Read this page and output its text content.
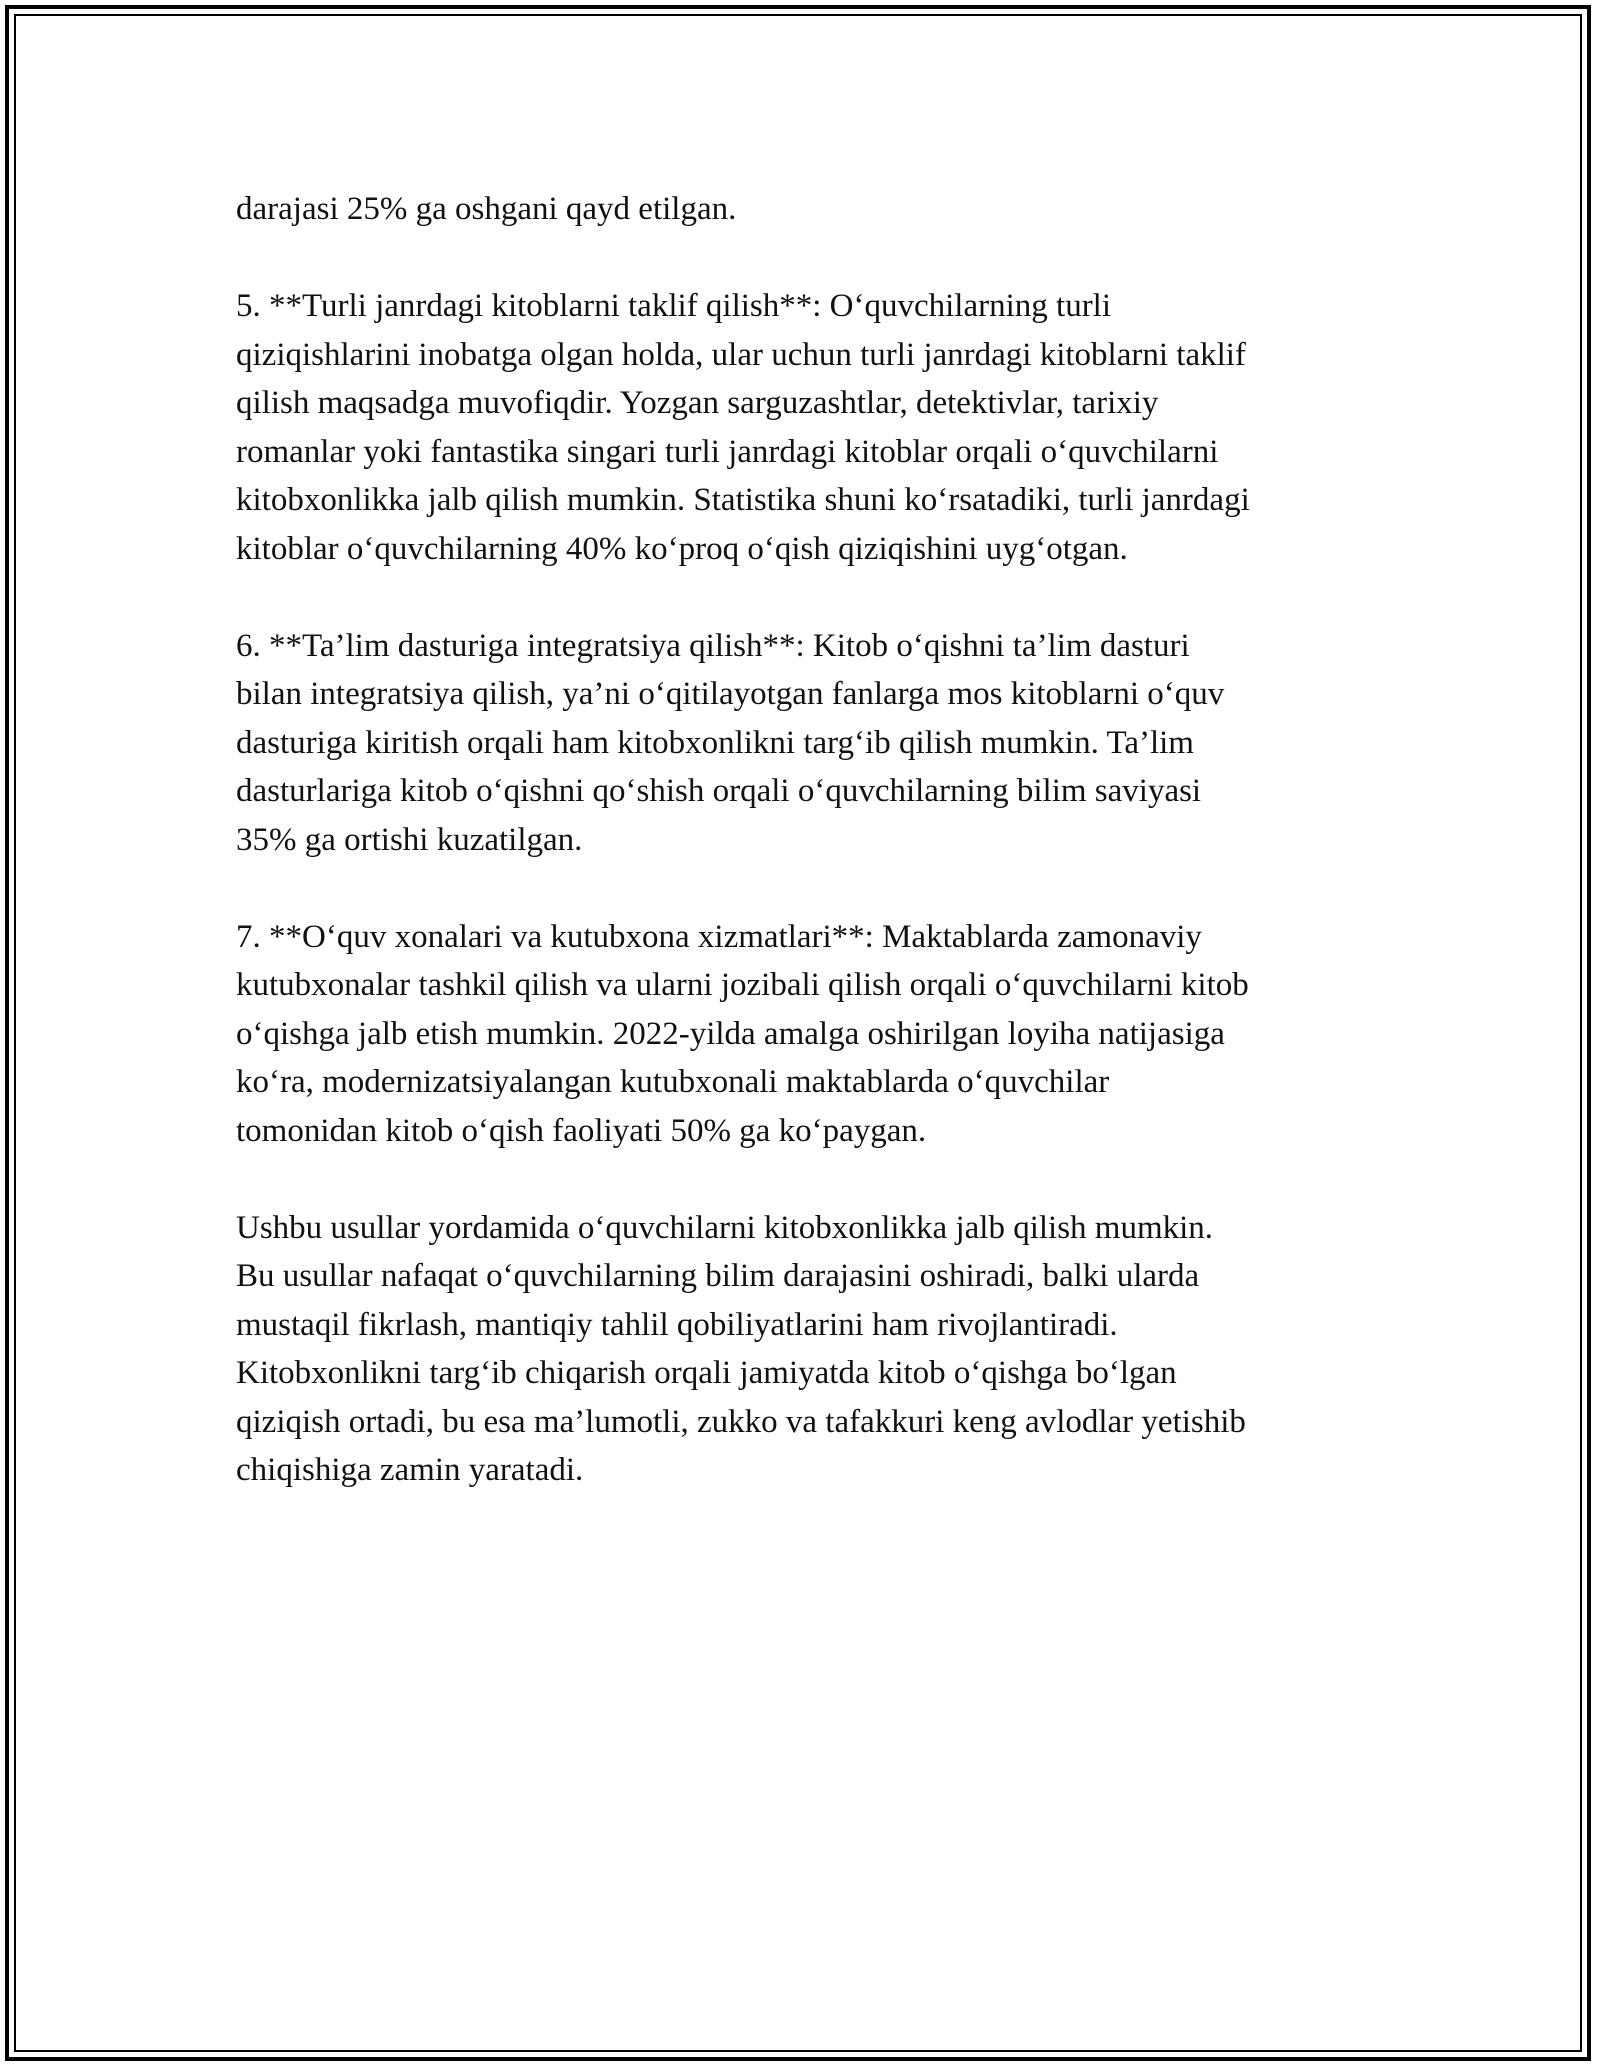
darajasi 25% ga oshgani qayd etilgan.

5. **Turli janrdagi kitoblarni taklif qilish**: O‘quvchilarning turli
qiziqishlarini inobatga olgan holda, ular uchun turli janrdagi kitoblarni taklif
qilish maqsadga muvofiqdir. Yozgan sarguzashtlar, detektivlar, tarixiy
romanlar yoki fantastika singari turli janrdagi kitoblar orqali o‘quvchilarni
kitobxonlikka jalb qilish mumkin. Statistika shuni ko‘rsatadiki, turli janrdagi
kitoblar o‘quvchilarning 40% ko‘proq o‘qish qiziqishini uyg‘otgan.

6. **Ta’lim dasturiga integratsiya qilish**: Kitob o‘qishni ta’lim dasturi
bilan integratsiya qilish, ya’ni o‘qitilayotgan fanlarga mos kitoblarni o‘quv
dasturiga kiritish orqali ham kitobxonlikni targ‘ib qilish mumkin. Ta’lim
dasturlariga kitob o‘qishni qo‘shish orqali o‘quvchilarning bilim saviyasi
35% ga ortishi kuzatilgan.

7. **O‘quv xonalari va kutubxona xizmatlari**: Maktablarda zamonaviy
kutubxonalar tashkil qilish va ularni jozibali qilish orqali o‘quvchilarni kitob
o‘qishga jalb etish mumkin. 2022-yilda amalga oshirilgan loyiha natijasiga
ko‘ra, modernizatsiyalangan kutubxonali maktablarda o‘quvchilar
tomonidan kitob o‘qish faoliyati 50% ga ko‘paygan.

Ushbu usullar yordamida o‘quvchilarni kitobxonlikka jalb qilish mumkin.
Bu usullar nafaqat o‘quvchilarning bilim darajasini oshiradi, balki ularda
mustaqil fikrlash, mantiqiy tahlil qobiliyatlarini ham rivojlantiradi.
Kitobxonlikni targ‘ib chiqarish orqali jamiyatda kitob o‘qishga bo‘lgan
qiziqish ortadi, bu esa ma’lumotli, zukko va tafakkuri keng avlodlar yetishib
chiqishiga zamin yaratadi.
